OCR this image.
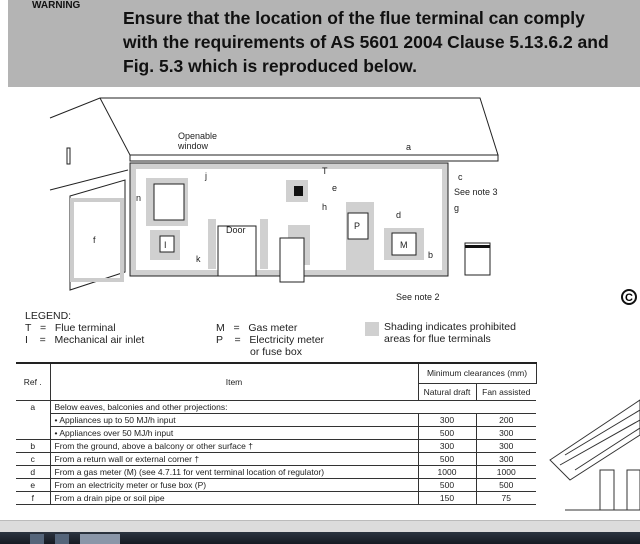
WARNING
Ensure that the location of the flue terminal can comply
with the requirements of AS 5601 2004 Clause 5.13.6.2 and
Fig. 5.3 which is reproduced below.
Openable
window
Door
See note 3
See note 2
P
M
I
a
b
c
d
e
f
g
h
j
k
n
T
C
LEGEND:
T   =   Flue terminal
I    =   Mechanical air inlet
M   =   Gas meter
P    =   Electricity meter
or fuse box
Shading indicates prohibited
areas for flue terminals
Ref .	Item	Minimum clearances (mm)	
		Natural draft	Fan assisted
a	Below eaves, balconies and other projections:		
	• Appliances up to 50 MJ/h input	300	200
	• Appliances over 50 MJ/h input	500	300
b	From the ground, above a balcony or other surface †	300	300
c	From a return wall or external corner †	500	300
d	From a gas meter (M) (see 4.7.11 for vent terminal location of regulator)	1000	1000
e	From an electricity meter or fuse box (P)	500	500
f	From a drain pipe or soil pipe	150	75
